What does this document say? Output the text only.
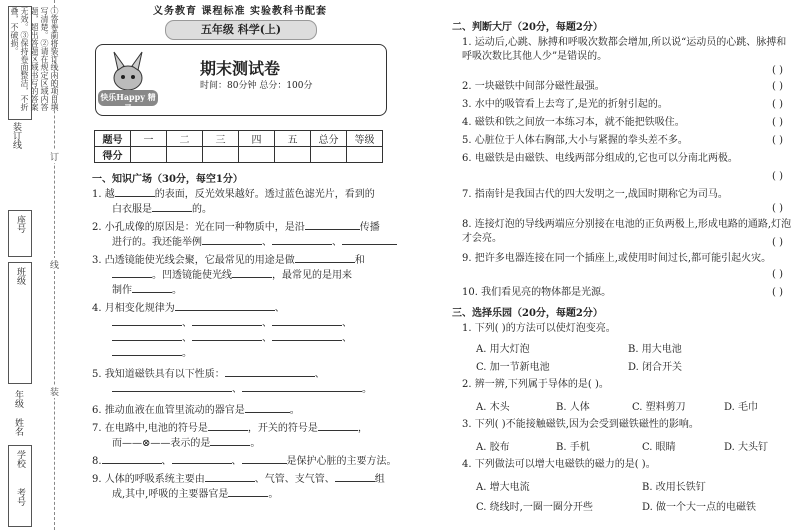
①答卷前将装订线内的项目填写清楚。②请在规定区域内答题，超出答题区域书写的答案无效。③保持卷面整洁，不折叠，不破损。
装订线
座号
班级
年级
姓名
学校
考号
订
线
装
义务教育 课程标准 实验教科书配套
五年级 科学(上)
快乐Happy 精灵
期末测试卷
时间：80分钟 总分：100分
题号	一	二	三	四	五	总分	等级
得分							
一、知识广场（30分，每空1分）
1. 越	的表面，反光效果越好。透过蓝色滤光片，看到的
白衣服是	的。
2. 小孔成像的原因是：光在同一种物质中，是沿	传播
进行的。我还能举例	、	、
3. 凸透镜能使光线会聚，它最常见的用途是做	和
。凹透镜能使光线	，最常见的是用来
制作	。
4. 月相变化规律为	、
、	、	、
、	、	、
。
5. 我知道磁铁具有以下性质：	、
、	。
6. 推动血液在血管里流动的器官是	。
7. 在电路中,电池的符号是	，开关的符号是	，
而——⊗——表示的是	。
8.	、	、	是保护心脏的主要方法。
9. 人体的呼吸系统主要由	、气管、支气管、	组
成,其中,呼吸的主要器官是	。
二、判断大厅（20分，每题2分）
1. 运动后,心跳、脉搏和呼吸次数都会增加,所以说“运动员的心跳、脉搏和呼吸次数比其他人少”是错误的。
( )
2. 一块磁铁中间部分磁性最强。	( )
3. 水中的吸管看上去弯了,是光的折射引起的。	( )
4. 磁铁和铁之间放一本练习本，就不能把铁吸住。	( )
5. 心脏位于人体右胸部,大小与紧握的拳头差不多。	( )
6. 电磁铁是由磁铁、电线两部分组成的,它也可以分南北两极。
( )
7. 指南针是我国古代的四大发明之一,战国时期称它为司马。
( )
8. 连接灯泡的导线两端应分别接在电池的正负两极上,形成电路的通路,灯泡才会亮。	( )
9. 把许多电器连接在同一个插座上,或使用时间过长,都可能引起火灾。
( )
10. 我们看见亮的物体都是光源。	( )
三、选择乐园（20分，每题2分）
1. 下列( )的方法可以使灯泡变亮。
A. 用大灯泡	B. 用大电池
C. 加一节新电池	D. 闭合开关
2. 辨一辨,下列属于导体的是( )。
A. 木头	B. 人体	C. 塑料剪刀	D. 毛巾
3. 下列( )不能接触磁铁,因为会受到磁铁磁性的影响。
A. 胶布	B. 手机	C. 眼睛	D. 大头钉
4. 下列做法可以增大电磁铁的磁力的是( )。
A. 增大电流	B. 改用长铁钉
C. 绕线时,一圈一圈分开些	D. 做一个大一点的电磁铁
